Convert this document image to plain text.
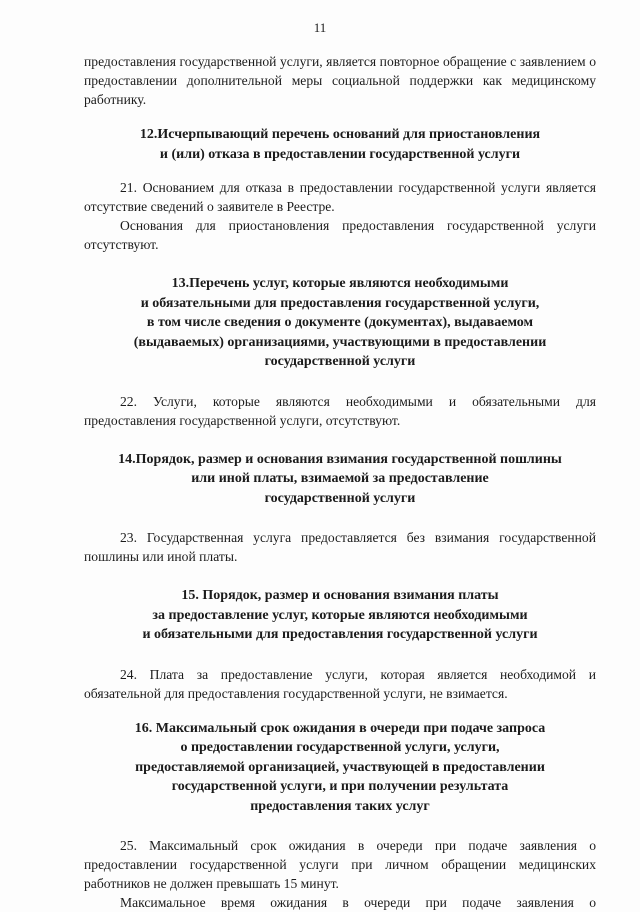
11

предоставления государственной услуги, является повторное обращение с заявлением о предоставлении дополнительной меры социальной поддержки как медицинскому работнику.

12.Исчерпывающий перечень оснований для приостановления
и (или) отказа в предоставлении государственной услуги

21. Основанием для отказа в предоставлении государственной услуги является отсутствие сведений о заявителе в Реестре.

Основания для приостановления предоставления государственной услуги отсутствуют.

13.Перечень услуг, которые являются необходимыми
и обязательными для предоставления государственной услуги,
в том числе сведения о документе (документах), выдаваемом
(выдаваемых) организациями, участвующими в предоставлении
государственной услуги

22. Услуги, которые являются необходимыми и обязательными для предоставления государственной услуги, отсутствуют.

14.Порядок, размер и основания взимания государственной пошлины
или иной платы, взимаемой за предоставление
государственной услуги

23. Государственная услуга предоставляется без взимания государственной пошлины или иной платы.

15. Порядок, размер и основания взимания платы
за предоставление услуг, которые являются необходимыми
и обязательными для предоставления государственной услуги

24. Плата за предоставление услуги, которая является необходимой и обязательной для предоставления государственной услуги, не взимается.

16. Максимальный срок ожидания в очереди при подаче запроса
о предоставлении государственной услуги, услуги,
предоставляемой организацией, участвующей в предоставлении
государственной услуги, и при получении результата
предоставления таких услуг

25. Максимальный срок ожидания в очереди при подаче заявления о предоставлении государственной услуги при личном обращении медицинских работников не должен превышать 15 минут.

Максимальное время ожидания в очереди при подаче заявления о
